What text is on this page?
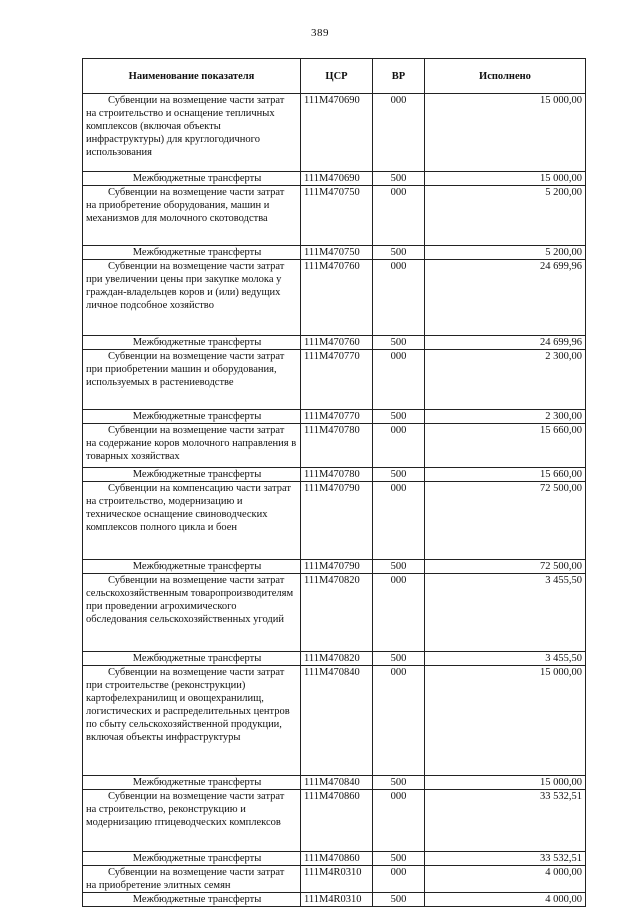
389
Наименование показателя	ЦСР	ВР	Исполнено
Субвенции на возмещение части затрат на строительство и оснащение тепличных комплексов (включая объекты инфраструктуры) для круглогодичного использования	111M470690	000	15 000,00
Межбюджетные трансферты	111M470690	500	15 000,00
Субвенции на возмещение части затрат на приобретение оборудования, машин и механизмов для молочного скотоводства	111M470750	000	5 200,00
Межбюджетные трансферты	111M470750	500	5 200,00
Субвенции на возмещение части затрат при увеличении цены при закупке молока у граждан-владельцев коров и (или) ведущих личное подсобное хозяйство	111M470760	000	24 699,96
Межбюджетные трансферты	111M470760	500	24 699,96
Субвенции на возмещение части затрат при приобретении машин и оборудования, используемых в растениеводстве	111M470770	000	2 300,00
Межбюджетные трансферты	111M470770	500	2 300,00
Субвенции на возмещение части затрат на содержание коров молочного направления в товарных хозяйствах	111M470780	000	15 660,00
Межбюджетные трансферты	111M470780	500	15 660,00
Субвенции на компенсацию части затрат на строительство, модернизацию и техническое оснащение свиноводческих комплексов полного цикла и боен	111M470790	000	72 500,00
Межбюджетные трансферты	111M470790	500	72 500,00
Субвенции на возмещение части затрат сельскохозяйственным товаропроизводителям при проведении агрохимического обследования сельскохозяйственных угодий	111M470820	000	3 455,50
Межбюджетные трансферты	111M470820	500	3 455,50
Субвенции на возмещение части затрат при строительстве (реконструкции) картофелехранилищ и овощехранилищ, логистических и распределительных центров по сбыту сельскохозяйственной продукции, включая объекты инфраструктуры	111M470840	000	15 000,00
Межбюджетные трансферты	111M470840	500	15 000,00
Субвенции на возмещение части затрат на строительство, реконструкцию и модернизацию птицеводческих комплексов	111M470860	000	33 532,51
Межбюджетные трансферты	111M470860	500	33 532,51
Субвенции на возмещение части затрат на приобретение элитных семян	111M4R0310	000	4 000,00
Межбюджетные трансферты	111M4R0310	500	4 000,00
